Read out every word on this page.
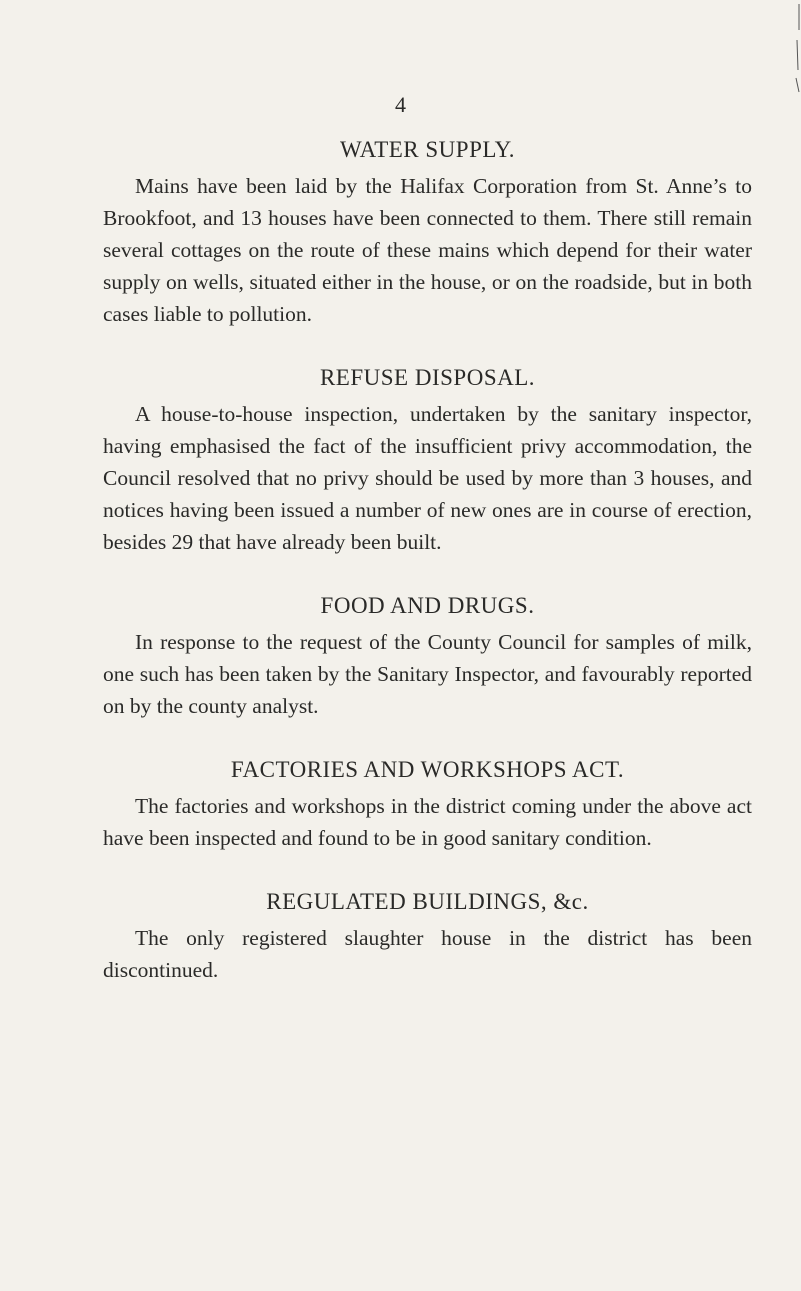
4

WATER SUPPLY.

Mains have been laid by the Halifax Corporation from St. Anne’s to Brookfoot, and 13 houses have been connected to them. There still remain several cottages on the route of these mains which depend for their water supply on wells, situated either in the house, or on the roadside, but in both cases liable to pollution.

REFUSE DISPOSAL.

A house-to-house inspection, undertaken by the sanitary inspector, having emphasised the fact of the insufficient privy accommodation, the Council resolved that no privy should be used by more than 3 houses, and notices having been issued a number of new ones are in course of erection, besides 29 that have already been built.

FOOD AND DRUGS.

In response to the request of the County Council for samples of milk, one such has been taken by the Sanitary Inspector, and favourably reported on by the county analyst.

FACTORIES AND WORKSHOPS ACT.

The factories and workshops in the district coming under the above act have been inspected and found to be in good sanitary condition.

REGULATED BUILDINGS, &c.

The only registered slaughter house in the district has been discontinued.
